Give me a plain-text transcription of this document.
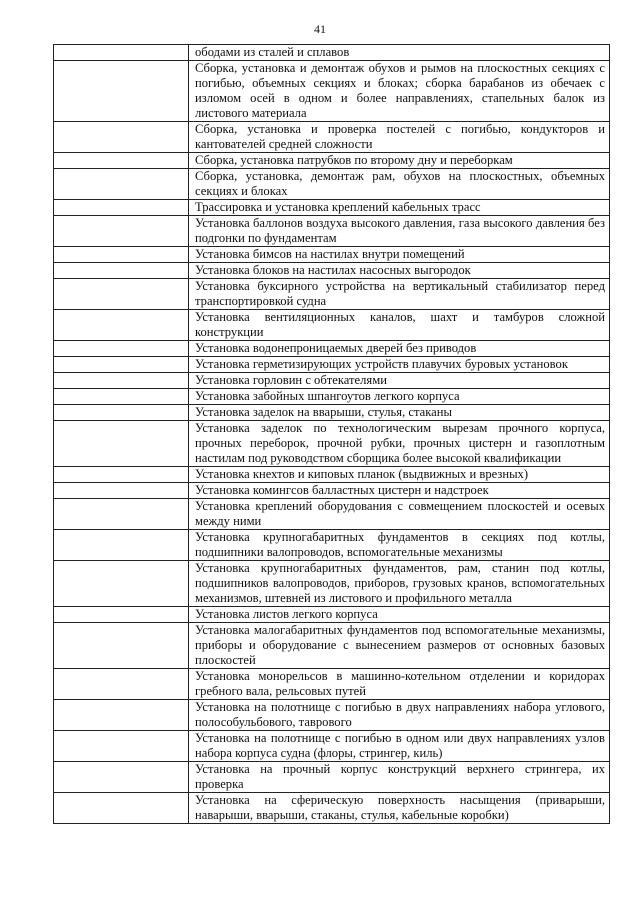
41
	ободами из сталей и сплавов
	Сборка, установка и демонтаж обухов и рымов на плоскостных секциях с погибью, объемных секциях и блоках; сборка барабанов из обечаек с изломом осей в одном и более направлениях, стапельных балок из листового материала
	Сборка, установка и проверка постелей с погибью, кондукторов и кантователей средней сложности
	Сборка, установка патрубков по второму дну и переборкам
	Сборка, установка, демонтаж рам, обухов на плоскостных, объемных секциях и блоках
	Трассировка и установка креплений кабельных трасс
	Установка баллонов воздуха высокого давления, газа высокого давления без подгонки по фундаментам
	Установка бимсов на настилах внутри помещений
	Установка блоков на настилах насосных выгородок
	Установка буксирного устройства на вертикальный стабилизатор перед транспортировкой судна
	Установка вентиляционных каналов, шахт и тамбуров сложной конструкции
	Установка водонепроницаемых дверей без приводов
	Установка герметизирующих устройств плавучих буровых установок
	Установка горловин с обтекателями
	Установка забойных шпангоутов легкого корпуса
	Установка заделок на вварыши, стулья, стаканы
	Установка заделок по технологическим вырезам прочного корпуса, прочных переборок, прочной рубки, прочных цистерн и газоплотным настилам под руководством сборщика более высокой квалификации
	Установка кнехтов и киповых планок (выдвижных и врезных)
	Установка комингсов балластных цистерн и надстроек
	Установка креплений оборудования с совмещением плоскостей и осевых между ними
	Установка крупногабаритных фундаментов в секциях под котлы, подшипники валопроводов, вспомогательные механизмы
	Установка крупногабаритных фундаментов, рам, станин под котлы, подшипников валопроводов, приборов, грузовых кранов, вспомогательных механизмов, штевней из листового и профильного металла
	Установка листов легкого корпуса
	Установка малогабаритных фундаментов под вспомогательные механизмы, приборы и оборудование с вынесением размеров от основных базовых плоскостей
	Установка монорельсов в машинно-котельном отделении и коридорах гребного вала, рельсовых путей
	Установка на полотнище с погибью в двух направлениях набора углового, полособульбового, таврового
	Установка на полотнище с погибью в одном или двух направлениях узлов набора корпуса судна (флоры, стрингер, киль)
	Установка на прочный корпус конструкций верхнего стрингера, их проверка
	Установка на сферическую поверхность насыщения (приварыши, наварыши, вварыши, стаканы, стулья, кабельные коробки)
